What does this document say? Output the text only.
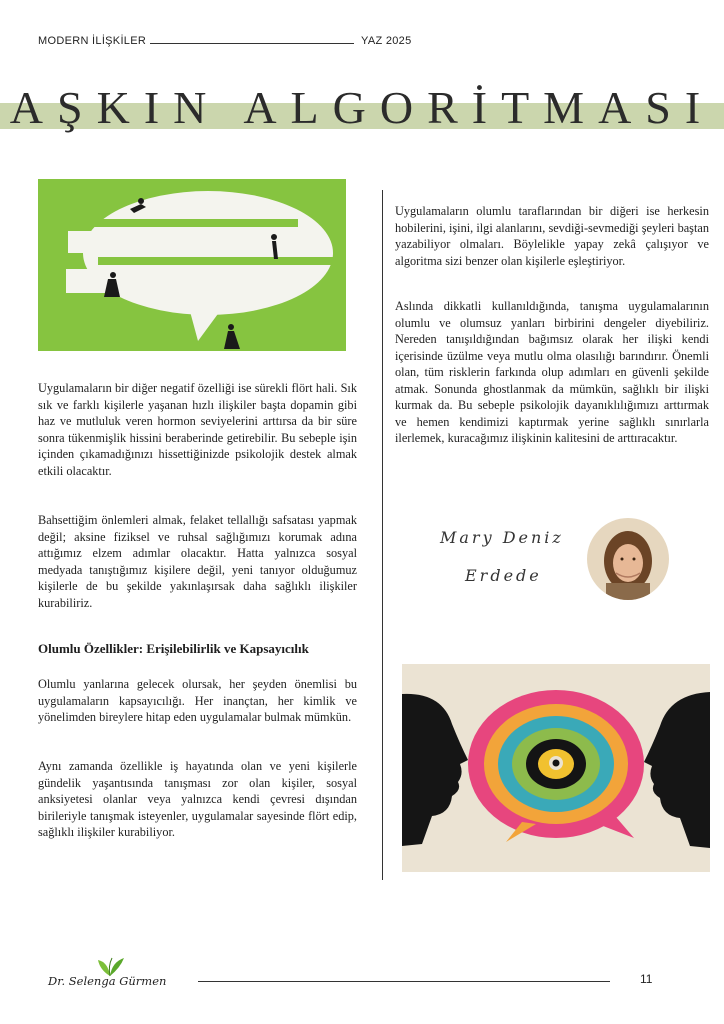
MODERN İLİŞKİLER	YAZ 2025
AŞKIN ALGORİTMASI

Uygulamaların bir diğer negatif özelliği ise sürekli flört hali. Sık sık ve farklı kişilerle yaşanan hızlı ilişkiler başta dopamin gibi haz ve mutluluk veren hormon seviyelerini arttırsa da bir süre sonra tükenmişlik hissini beraberinde getirebilir. Bu sebeple işin içinden çıkamadığınızı hissettiğinizde psikolojik destek almak etkili olacaktır.

Bahsettiğim önlemleri almak, felaket tellallığı safsatası yapmak değil; aksine fiziksel ve ruhsal sağlığımızı korumak adına attığımız elzem adımlar olacaktır. Hatta yalnızca sosyal medyada tanıştığımız kişilere değil, yeni tanıyor olduğumuz kişilerle de bu şekilde yakınlaşırsak daha sağlıklı ilişkiler kurabiliriz.

Olumlu Özellikler: Erişilebilirlik ve Kapsayıcılık

Olumlu yanlarına gelecek olursak, her şeyden önemlisi bu uygulamaların kapsayıcılığı. Her inançtan, her kimlik ve yönelimden bireylere hitap eden uygulamalar bulmak mümkün.

Aynı zamanda özellikle iş hayatında olan ve yeni kişilerle gündelik yaşantısında tanışması zor olan kişiler, sosyal anksiyetesi olanlar veya yalnızca kendi çevresi dışından birileriyle tanışmak isteyenler, uygulamalar sayesinde flört edip, sağlıklı ilişkiler kurabiliyor.

Uygulamaların olumlu taraflarından bir diğeri ise herkesin hobilerini, işini, ilgi alanlarını, sevdiği-sevmediği şeyleri baştan yazabiliyor olmaları. Böylelikle yapay zekâ çalışıyor ve algoritma sizi benzer olan kişilerle eşleştiriyor.

Aslında dikkatli kullanıldığında, tanışma uygulamalarının olumlu ve olumsuz yanları birbirini dengeler diyebiliriz. Nereden tanışıldığından bağımsız olarak her ilişki kendi içerisinde üzülme veya mutlu olma olasılığı barındırır. Önemli olan, tüm risklerin farkında olup adımları en güvenli şekilde atmak. Sonunda ghostlanmak da mümkün, sağlıklı bir ilişki kurmak da. Bu sebeple psikolojik dayanıklılığımızı arttırmak ve hemen kendimizi kaptırmak yerine sağlıklı sınırlarla ilerlemek, kuracağımız ilişkinin kalitesini de arttıracaktır.

Mary Deniz
Erdede
Dr. Selenga Gürmen	11
